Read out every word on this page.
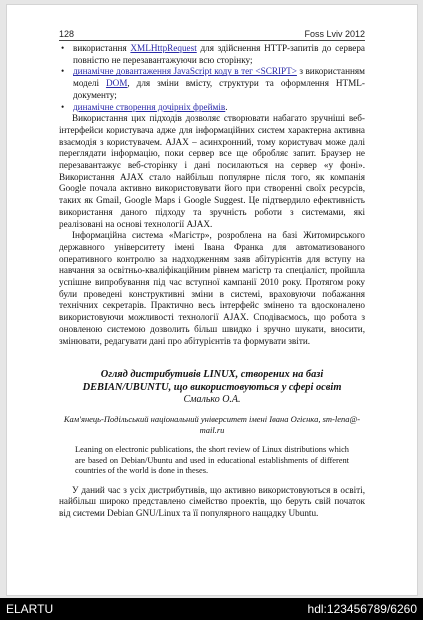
128	Foss Lviv 2012
• використання XMLHttpRequest для здійснення HTTP-запитів до сервера повністю не перезавантажуючи всю сторінку;
• динамічне довантаження JavaScript коду в тег <SCRIPT> з використанням моделі DOM, для зміни вмісту, структури та оформлення HTML-документу;
• динамічне створення дочірніх фреймів.

Використання цих підходів дозволяє створювати набагато зручніші веб-інтерфейси користувача аджe для інформаційних систем характерна активна взаємодія з користувачем. AJAX – асинхронний, тому користувач може далі переглядати інформацію, поки сервер все ще обробляє запит. Браузер не перезавантажує веб-сторінку і дані посилаються на сервер «у фоні». Використання AJAX стало найбільш популярне після того, як компанія Google почала активно використовувати його при створенні своїх ресурсів, таких як Gmail, Google Maps і Google Suggest. Це підтвердило ефективність використання даного підходу та зручність роботи з системами, які реалізовані на основі технології AJAX.

Інформаційна система «Магістр», розроблена на базі Житомирського державного університету імені Івана Франка для автоматизованого оперативного контролю за надходженням заяв абітурієнтів для вступу на навчання за освітньо-кваліфікаційним рівнем магістр та спеціаліст, пройшла успішне випробування під час вступної кампанії 2010 року. Протягом року були проведені конструктивні зміни в системі, враховуючи побажання технічних секретарів. Практично весь інтерфейс змінено та вдосконалено використовуючи можливості технології AJAX. Сподіваємось, що робота з оновленою системою дозволить більш швидко і зручно шукати, вносити, змінювати, редагувати дані про абітурієнтів та формувати звіти.

Огляд дистрибутивів LINUX, створених на базі DEBIAN/UBUNTU, що використовуються у сфері освіт
Смалько О.А.
Кам'янець-Подільський національний університет імені Івана Огієнка, sm-lena@-mail.ru
Leaning on electronic publications, the short review of Linux distributions which are based on Debian/Ubuntu and used in educational establishments of different countries of the world is done in theses.

У даний час з усіх дистрибутивів, що активно використовуються в освіті, найбільш широко представлено сімейство проектів, що беруть свій початок від системи Debian GNU/Linux та її популярного нащадку Ubuntu.

ELARTU	hdl:123456789/6260
